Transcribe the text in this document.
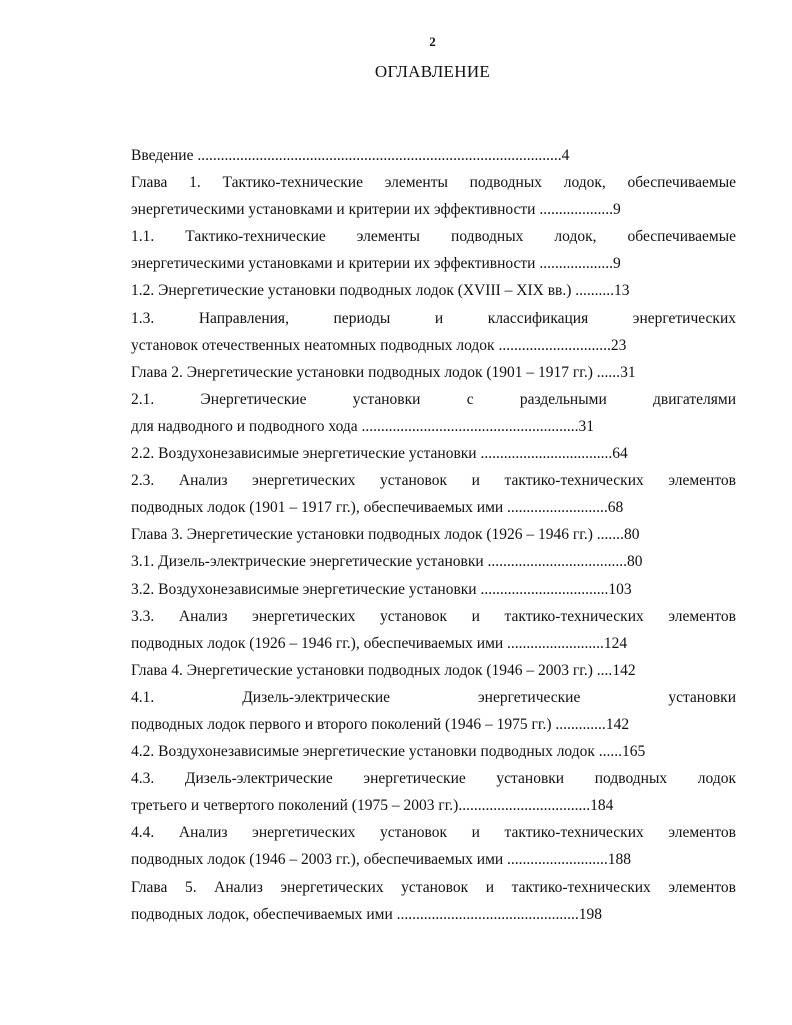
2
ОГЛАВЛЕНИЕ
Введение .............................................................................................. 4
Глава 1. Тактико-технические элементы подводных лодок, обеспечиваемые
энергетическими установками и критерии их эффективности ................... 9
1.1. Тактико-технические элементы подводных лодок, обеспечиваемые
энергетическими установками и критерии их эффективности ................... 9
1.2. Энергетические установки подводных лодок (XVIII – XIX вв.) .......... 13
1.3. Направления, периоды и классификация энергетических
установок отечественных неатомных подводных лодок ............................. 23
Глава 2. Энергетические установки подводных лодок (1901 – 1917 гг.) ...... 31
2.1. Энергетические установки с раздельными двигателями
для надводного и подводного хода ........................................................ 31
2.2. Воздухонезависимые энергетические установки .................................. 64
2.3. Анализ энергетических установок и тактико-технических элементов
подводных лодок (1901 – 1917 гг.), обеспечиваемых ими .......................... 68
Глава 3. Энергетические установки подводных лодок (1926 – 1946 гг.) ....... 80
3.1. Дизель-электрические энергетические установки .................................... 80
3.2. Воздухонезависимые энергетические установки ................................. 103
3.3. Анализ энергетических установок и тактико-технических элементов
подводных лодок (1926 – 1946 гг.), обеспечиваемых ими ......................... 124
Глава 4. Энергетические установки подводных лодок (1946 – 2003 гг.) .... 142
4.1. Дизель-электрические энергетические установки
подводных лодок первого и второго поколений (1946 – 1975 гг.) ............. 142
4.2. Воздухонезависимые энергетические установки подводных лодок ...... 165
4.3. Дизель-электрические энергетические установки подводных лодок
третьего и четвертого поколений (1975 – 2003 гг.).................................. 184
4.4. Анализ энергетических установок и тактико-технических элементов
подводных лодок (1946 – 2003 гг.), обеспечиваемых ими .......................... 188
Глава 5. Анализ энергетических установок и тактико-технических элементов
подводных лодок, обеспечиваемых ими ............................................... 198
